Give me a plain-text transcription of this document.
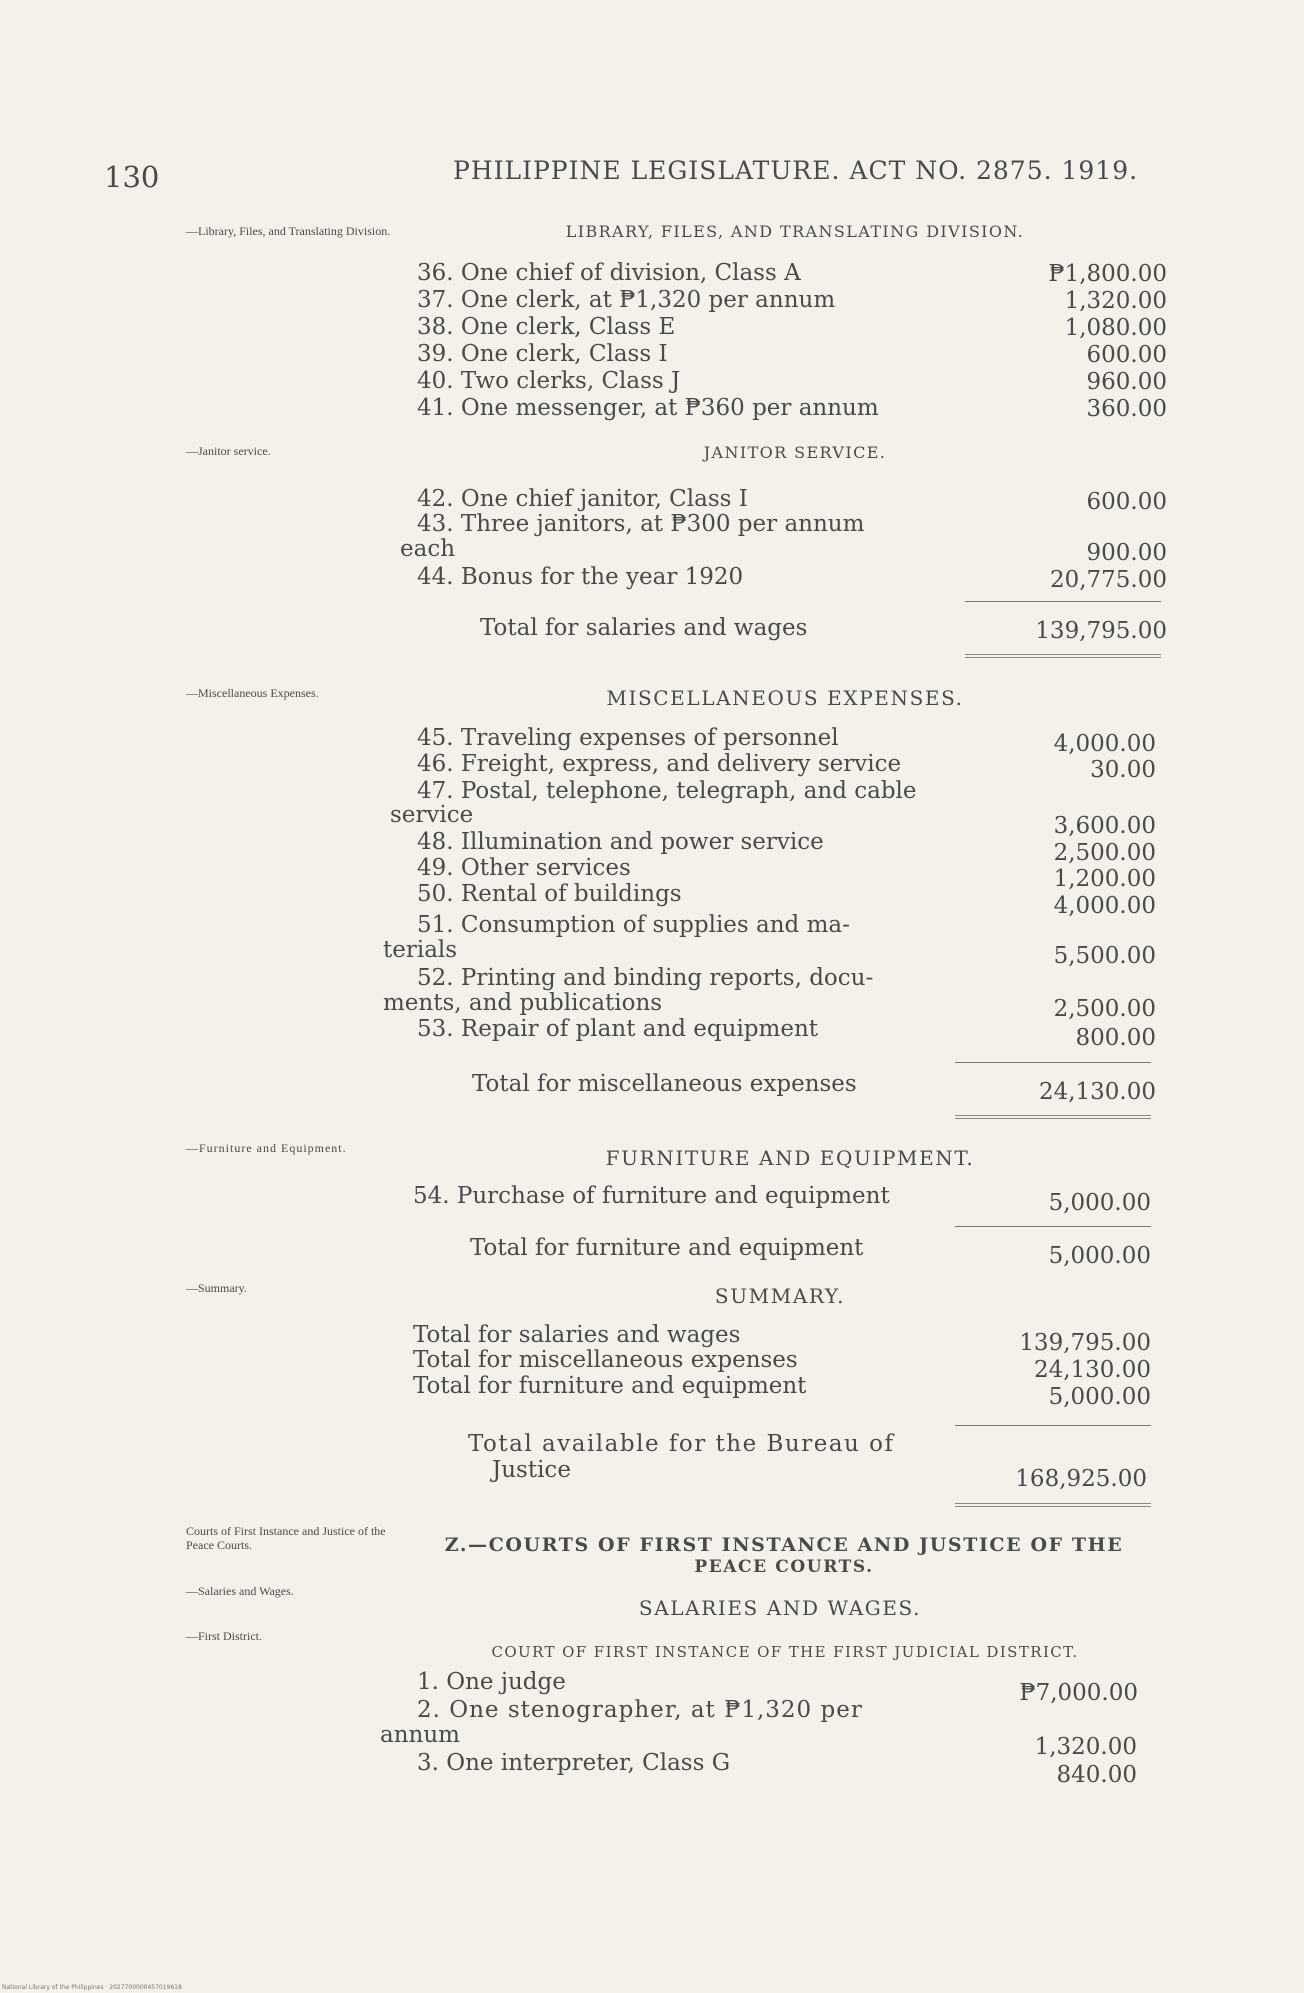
130	PHILIPPINE LEGISLATURE. ACT NO. 2875. 1919.
—Library, Files, and Translating Division.	LIBRARY, FILES, AND TRANSLATING DIVISION.
36. One chief of division, Class A	₱1,800.00
37. One clerk, at ₱1,320 per annum	1,320.00
38. One clerk, Class E	1,080.00
39. One clerk, Class I	600.00
40. Two clerks, Class J	960.00
41. One messenger, at ₱360 per annum	360.00
—Janitor service.	JANITOR SERVICE.
42. One chief janitor, Class I	600.00
43. Three janitors, at ₱300 per annum
each	900.00
44. Bonus for the year 1920	20,775.00
Total for salaries and wages	139,795.00
—Miscellaneous Expenses.	MISCELLANEOUS EXPENSES.
45. Traveling expenses of personnel	4,000.00
46. Freight, express, and delivery service	30.00
47. Postal, telephone, telegraph, and cable
service	3,600.00
48. Illumination and power service	2,500.00
49. Other services	1,200.00
50. Rental of buildings	4,000.00
51. Consumption of supplies and ma-
terials	5,500.00
52. Printing and binding reports, docu-
ments, and publications	2,500.00
53. Repair of plant and equipment	800.00
Total for miscellaneous expenses	24,130.00
—Furniture and Equipment.	FURNITURE AND EQUIPMENT.
54. Purchase of furniture and equipment	5,000.00
Total for furniture and equipment	5,000.00
—Summary.	SUMMARY.
Total for salaries and wages	139,795.00
Total for miscellaneous expenses	24,130.00
Total for furniture and equipment	5,000.00
Total available for the Bureau of
Justice	168,925.00
Courts of First Instance and Justice of the Peace Courts.	Z.—COURTS OF FIRST INSTANCE AND JUSTICE OF THE
PEACE COURTS.
—Salaries and Wages.
SALARIES AND WAGES.
—First District.
COURT OF FIRST INSTANCE OF THE FIRST JUDICIAL DISTRICT.
1. One judge	₱7,000.00
2. One stenographer, at ₱1,320 per
annum	1,320.00
3. One interpreter, Class G	840.00
National Library of the Philippines · 2027700000457019618
